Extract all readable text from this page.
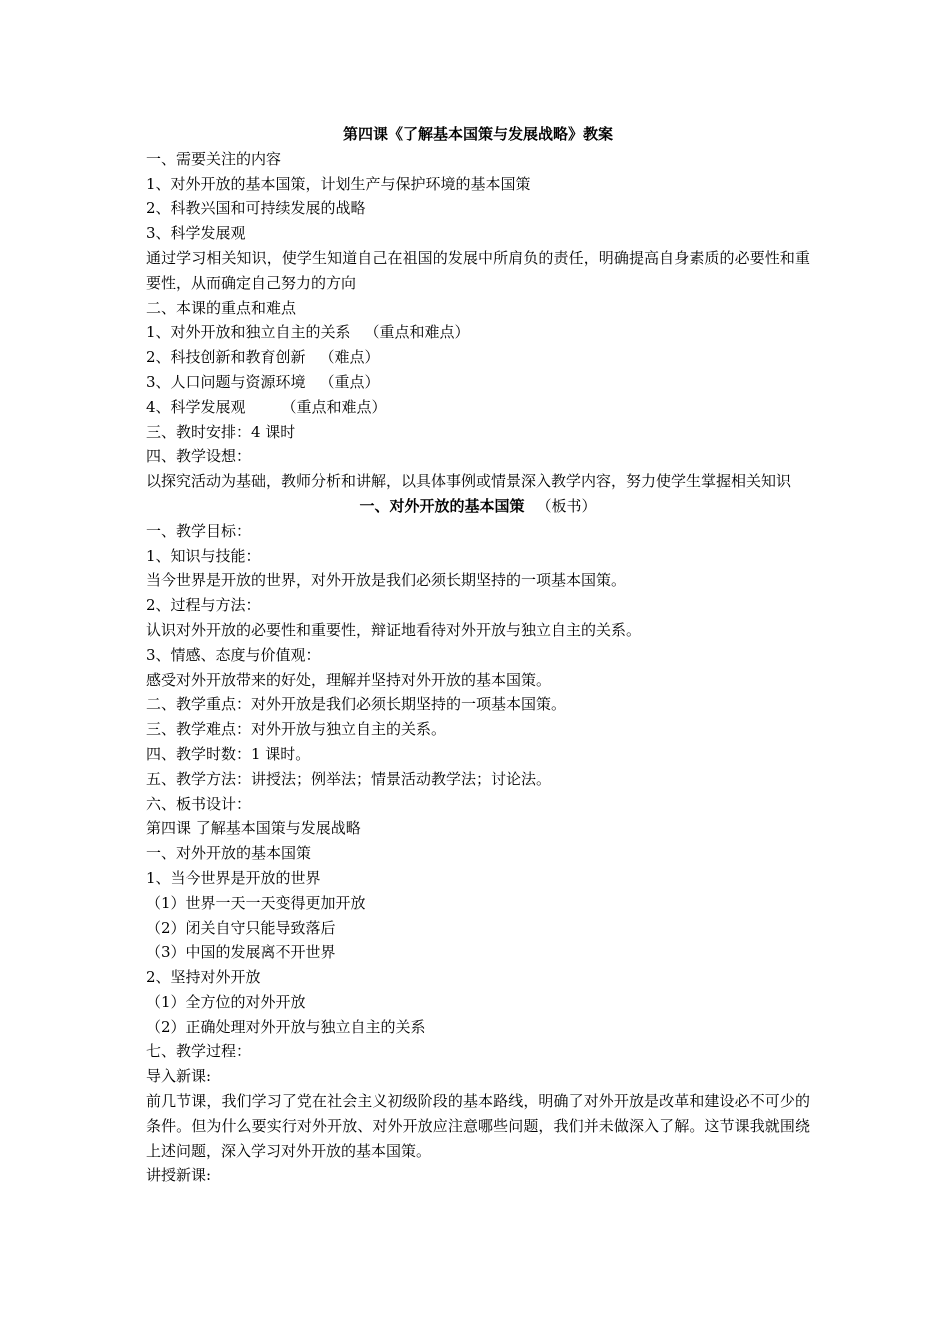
第四课《了解基本国策与发展战略》教案
一、需要关注的内容
1、对外开放的基本国策，计划生产与保护环境的基本国策
2、科教兴国和可持续发展的战略
3、科学发展观
通过学习相关知识，使学生知道自己在祖国的发展中所肩负的责任，明确提高自身素质的必要性和重要性，从而确定自己努力的方向
二、本课的重点和难点
1、对外开放和独立自主的关系 （重点和难点）
2、科技创新和教育创新 （难点）
3、人口问题与资源环境 （重点）
4、科学发展观 （重点和难点）
三、教时安排：4 课时
四、教学设想：
以探究活动为基础，教师分析和讲解，以具体事例或情景深入教学内容，努力使学生掌握相关知识
一、对外开放的基本国策 （板书）
一、教学目标：
1、知识与技能：
当今世界是开放的世界，对外开放是我们必须长期坚持的一项基本国策。
2、过程与方法：
认识对外开放的必要性和重要性，辩证地看待对外开放与独立自主的关系。
3、情感、态度与价值观：
感受对外开放带来的好处，理解并坚持对外开放的基本国策。
二、教学重点：对外开放是我们必须长期坚持的一项基本国策。
三、教学难点：对外开放与独立自主的关系。
四、教学时数：1 课时。
五、教学方法：讲授法；例举法；情景活动教学法；讨论法。
六、板书设计：
第四课 了解基本国策与发展战略
一、对外开放的基本国策
1、当今世界是开放的世界
（1）世界一天一天变得更加开放
（2）闭关自守只能导致落后
（3）中国的发展离不开世界
2、坚持对外开放
（1）全方位的对外开放
（2）正确处理对外开放与独立自主的关系
七、教学过程：
导入新课:
前几节课，我们学习了党在社会主义初级阶段的基本路线，明确了对外开放是改革和建设必不可少的条件。但为什么要实行对外开放、对外开放应注意哪些问题，我们并未做深入了解。这节课我就围绕上述问题，深入学习对外开放的基本国策。
讲授新课:
